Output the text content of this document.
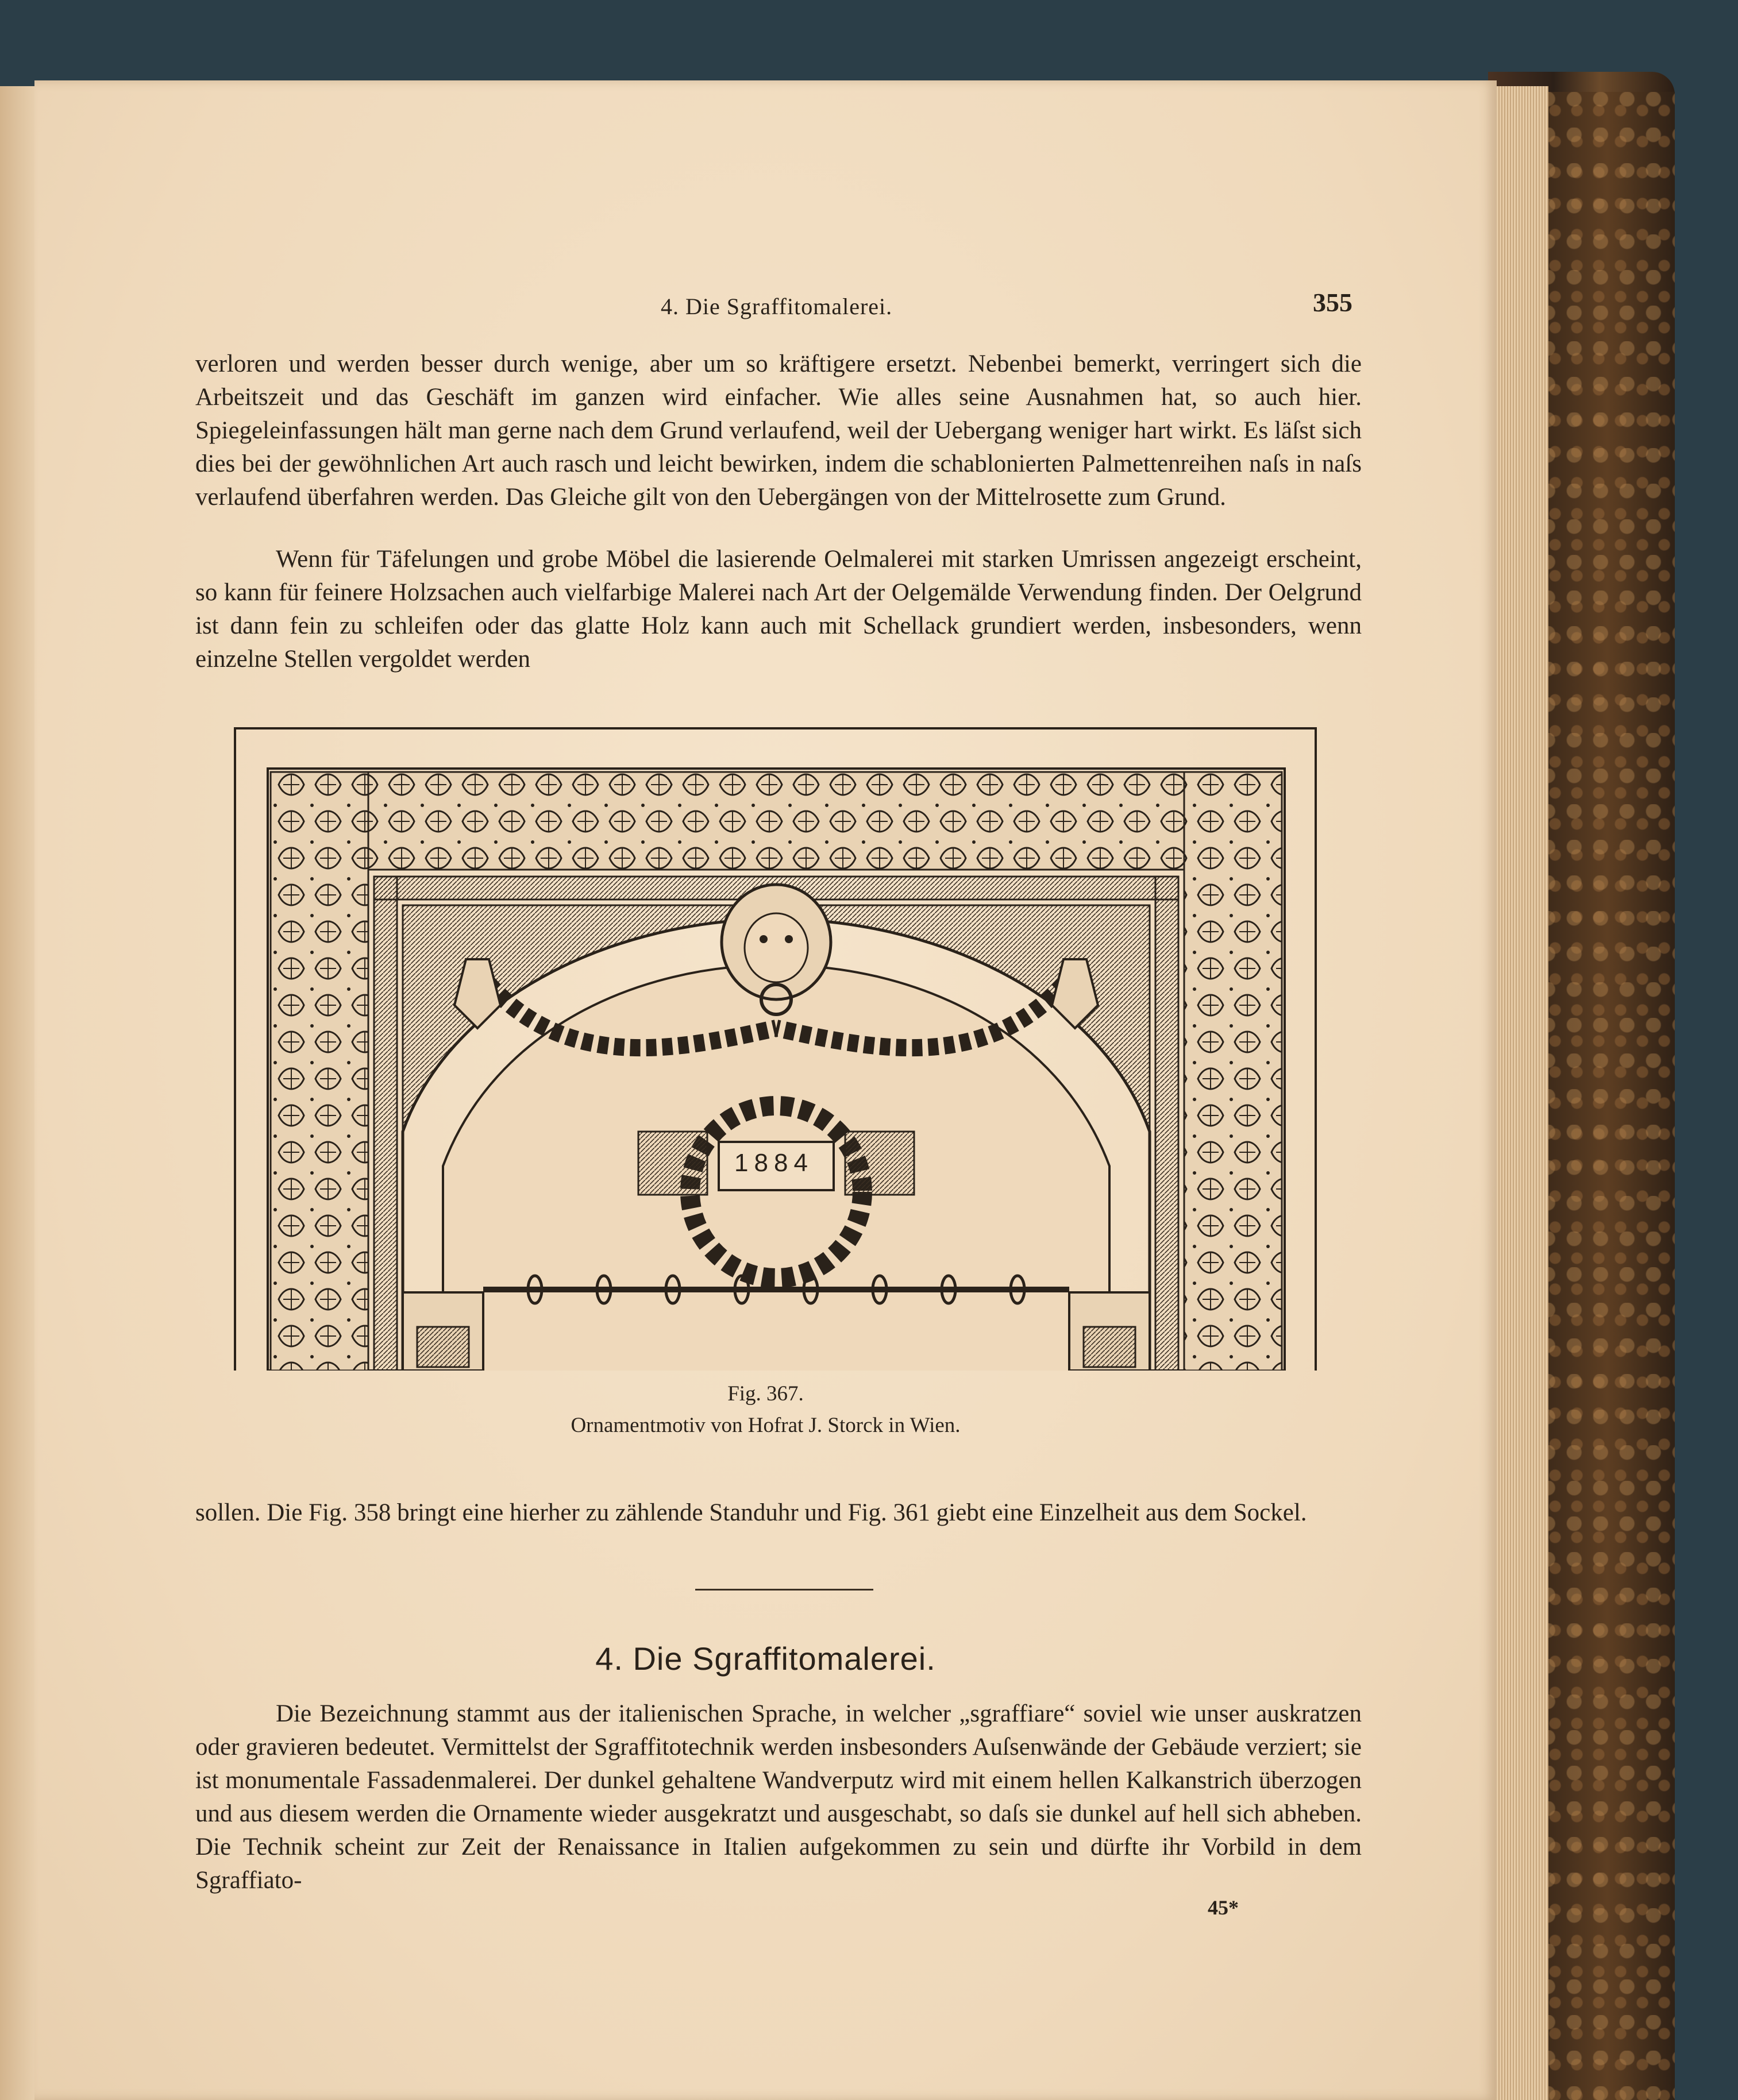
4. Die Sgraffitomalerei.	355

verloren und werden besser durch wenige, aber um so kräftigere ersetzt. Nebenbei bemerkt, verringert sich die Arbeitszeit und das Geschäft im ganzen wird einfacher. Wie alles seine Ausnahmen hat, so auch hier. Spiegeleinfassungen hält man gerne nach dem Grund verlaufend, weil der Uebergang weniger hart wirkt. Es läſst sich dies bei der gewöhnlichen Art auch rasch und leicht bewirken, indem die schablonierten Palmettenreihen naſs in naſs verlaufend überfahren werden. Das Gleiche gilt von den Uebergängen von der Mittelrosette zum Grund.

Wenn für Täfelungen und grobe Möbel die lasierende Oelmalerei mit starken Umrissen angezeigt erscheint, so kann für feinere Holzsachen auch vielfarbige Malerei nach Art der Oelgemälde Verwendung finden. Der Oelgrund ist dann fein zu schleifen oder das glatte Holz kann auch mit Schellack grundiert werden, insbesonders, wenn einzelne Stellen vergoldet werden

1884
Fig. 367.
Ornamentmotiv von Hofrat J. Storck in Wien.

sollen. Die Fig. 358 bringt eine hierher zu zählende Standuhr und Fig. 361 giebt eine Einzelheit aus dem Sockel.

4. Die Sgraffitomalerei.

Die Bezeichnung stammt aus der italienischen Sprache, in welcher „sgraffiare“ soviel wie unser auskratzen oder gravieren bedeutet. Vermittelst der Sgraffitotechnik werden insbesonders Auſsenwände der Gebäude verziert; sie ist monumentale Fassadenmalerei. Der dunkel gehaltene Wandverputz wird mit einem hellen Kalkanstrich überzogen und aus diesem werden die Ornamente wieder ausgekratzt und ausgeschabt, so daſs sie dunkel auf hell sich abheben. Die Technik scheint zur Zeit der Renaissance in Italien aufgekommen zu sein und dürfte ihr Vorbild in dem Sgraffiato-

45*
